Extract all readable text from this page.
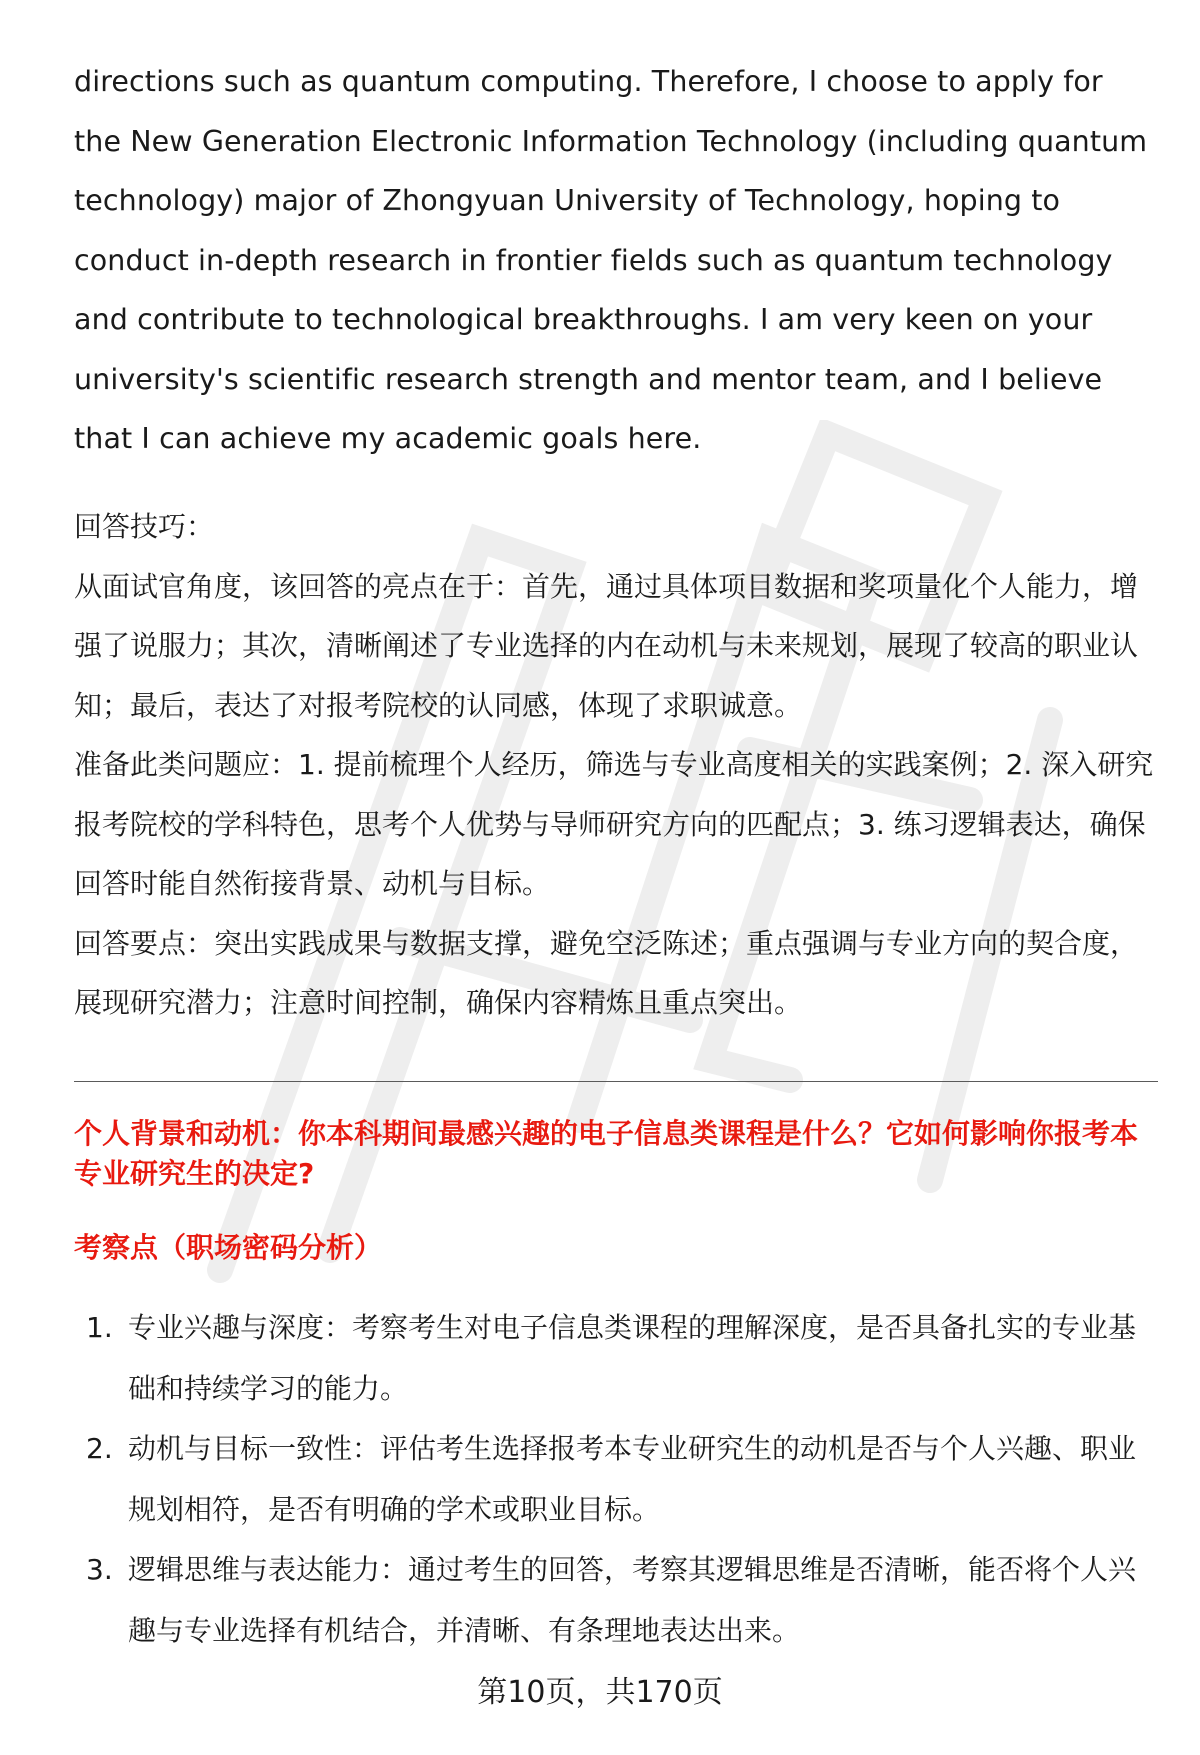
directions such as quantum computing. Therefore, I choose to apply for the New Generation Electronic Information Technology (including quantum technology) major of Zhongyuan University of Technology, hoping to conduct in-depth research in frontier fields such as quantum technology and contribute to technological breakthroughs. I am very keen on your university's scientific research strength and mentor team, and I believe that I can achieve my academic goals here.

回答技巧：

从面试官角度，该回答的亮点在于：首先，通过具体项目数据和奖项量化个人能力，增强了说服力；其次，清晰阐述了专业选择的内在动机与未来规划，展现了较高的职业认知；最后，表达了对报考院校的认同感，体现了求职诚意。

准备此类问题应：1. 提前梳理个人经历，筛选与专业高度相关的实践案例；2. 深入研究报考院校的学科特色，思考个人优势与导师研究方向的匹配点；3. 练习逻辑表达，确保回答时能自然衔接背景、动机与目标。

回答要点：突出实践成果与数据支撑，避免空泛陈述；重点强调与专业方向的契合度，展现研究潜力；注意时间控制，确保内容精炼且重点突出。

个人背景和动机：你本科期间最感兴趣的电子信息类课程是什么？它如何影响你报考本专业研究生的决定?

考察点（职场密码分析）

1. 专业兴趣与深度：考察考生对电子信息类课程的理解深度，是否具备扎实的专业基础和持续学习的能力。
2. 动机与目标一致性：评估考生选择报考本专业研究生的动机是否与个人兴趣、职业规划相符，是否有明确的学术或职业目标。
3. 逻辑思维与表达能力：通过考生的回答，考察其逻辑思维是否清晰，能否将个人兴趣与专业选择有机结合，并清晰、有条理地表达出来。
第10页，共170页
